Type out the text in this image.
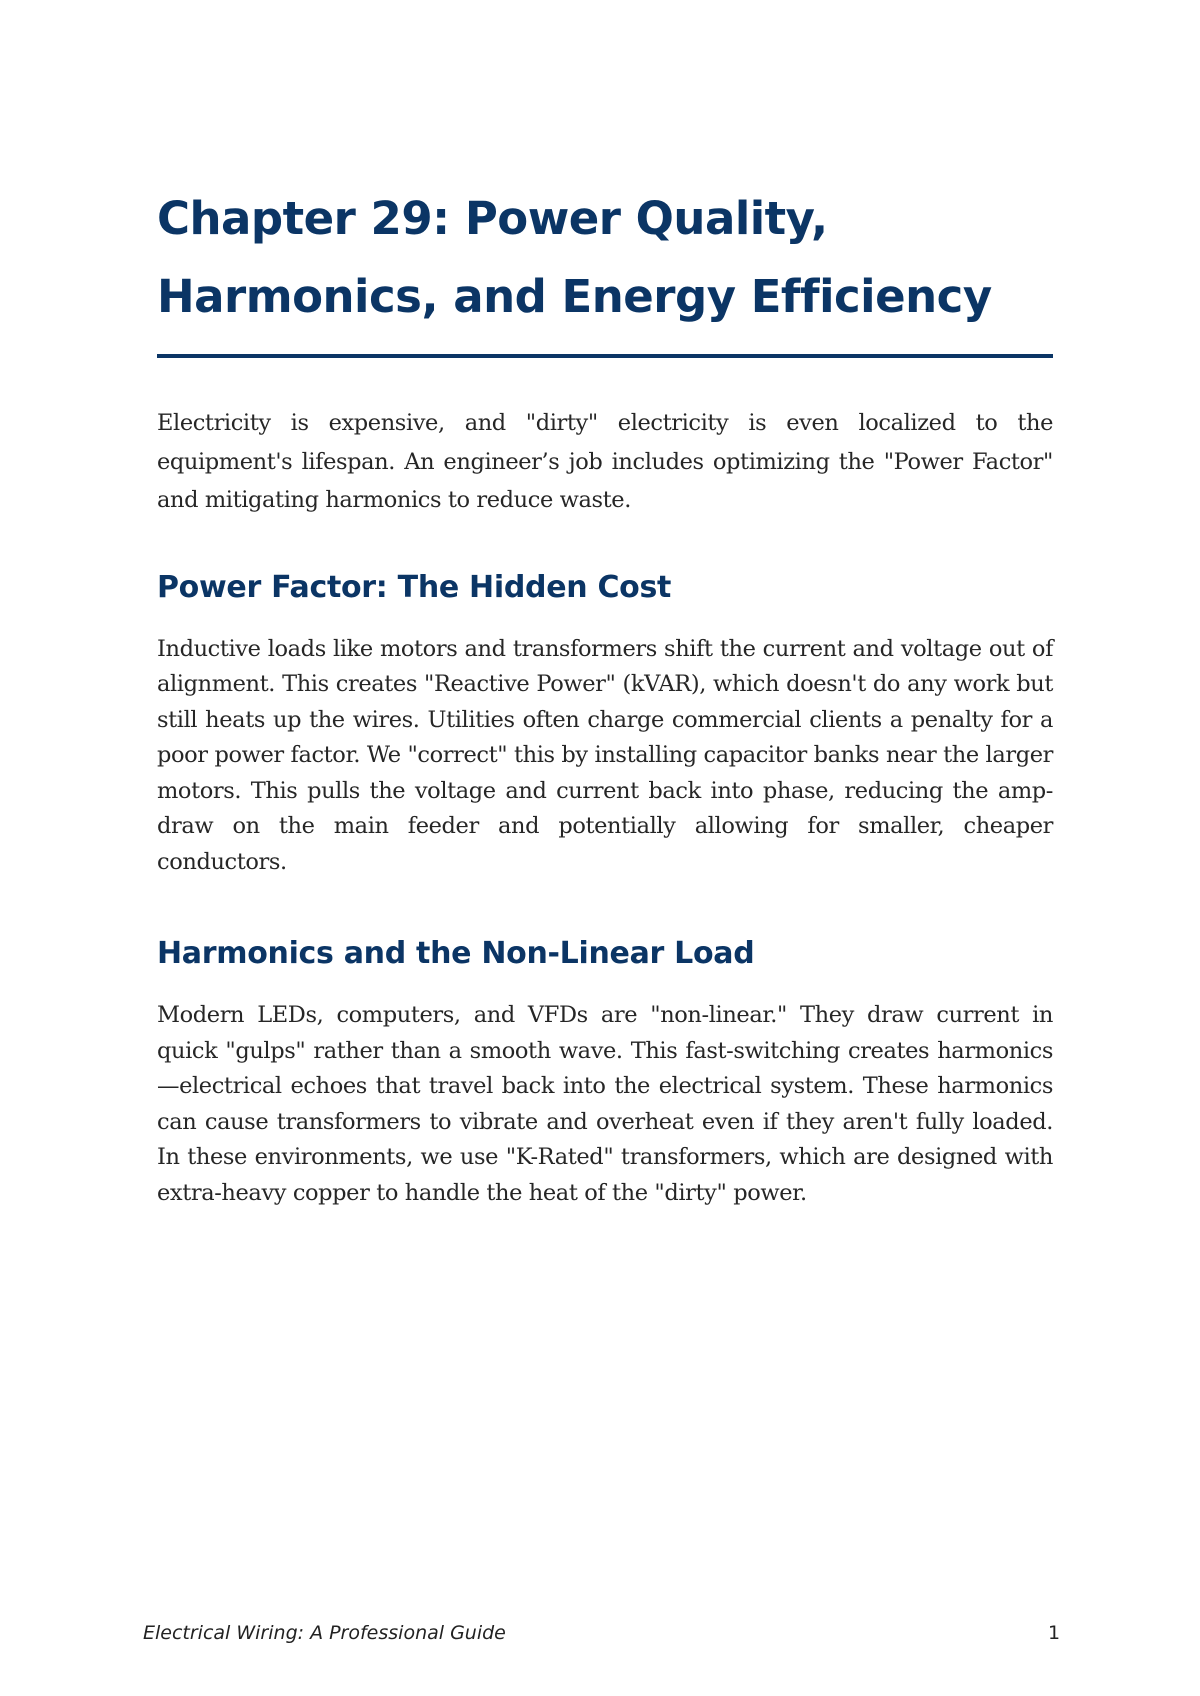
Chapter 29: Power Quality,
Harmonics, and Energy Efficiency

Electricity is expensive, and "dirty" electricity is even localized to the equipment's lifespan. An engineer’s job includes optimizing the "Power Factor" and mitigating harmonics to reduce waste.

Power Factor: The Hidden Cost

Inductive loads like motors and transformers shift the current and voltage out of alignment. This creates "Reactive Power" (kVAR), which doesn't do any work but still heats up the wires. Utilities often charge commercial clients a penalty for a poor power factor. We "correct" this by installing capacitor banks near the larger motors. This pulls the voltage and current back into phase, reducing the amp-draw on the main feeder and potentially allowing for smaller, cheaper conductors.

Harmonics and the Non-Linear Load

Modern LEDs, computers, and VFDs are "non-linear." They draw current in quick "gulps" rather than a smooth wave. This fast-switching creates harmonics—electrical echoes that travel back into the electrical system. These harmonics can cause transformers to vibrate and overheat even if they aren't fully loaded. In these environments, we use "K-Rated" transformers, which are designed with extra-heavy copper to handle the heat of the "dirty" power.

Electrical Wiring: A Professional Guide	1
